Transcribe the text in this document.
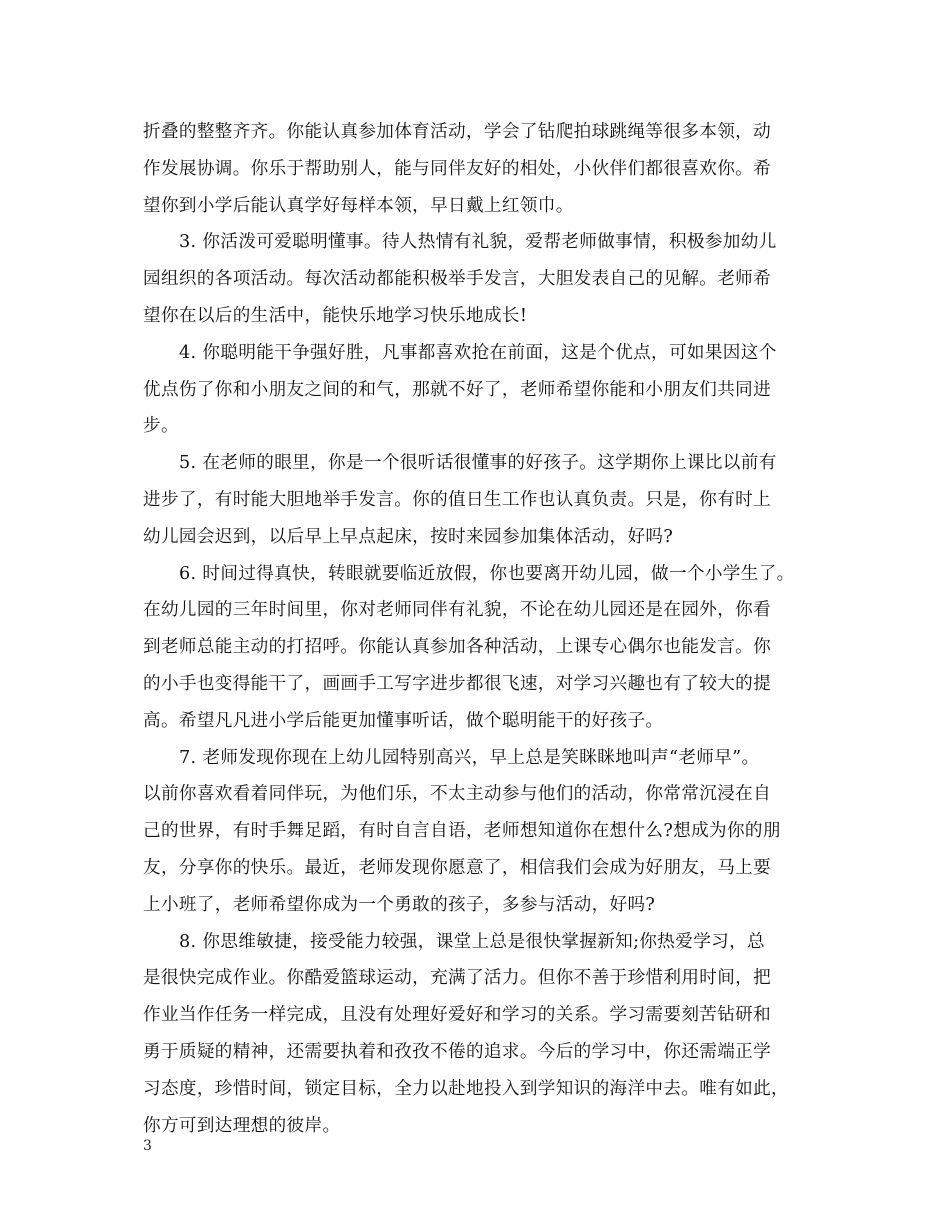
折叠的整整齐齐。你能认真参加体育活动，学会了钻爬拍球跳绳等很多本领，动
作发展协调。你乐于帮助别人，能与同伴友好的相处，小伙伴们都很喜欢你。希
望你到小学后能认真学好每样本领，早日戴上红领巾。
3. 你活泼可爱聪明懂事。待人热情有礼貌，爱帮老师做事情，积极参加幼儿
园组织的各项活动。每次活动都能积极举手发言，大胆发表自己的见解。老师希
望你在以后的生活中，能快乐地学习快乐地成长!
4. 你聪明能干争强好胜，凡事都喜欢抢在前面，这是个优点，可如果因这个
优点伤了你和小朋友之间的和气，那就不好了，老师希望你能和小朋友们共同进
步。
5. 在老师的眼里，你是一个很听话很懂事的好孩子。这学期你上课比以前有
进步了，有时能大胆地举手发言。你的值日生工作也认真负责。只是，你有时上
幼儿园会迟到，以后早上早点起床，按时来园参加集体活动，好吗?
6. 时间过得真快，转眼就要临近放假，你也要离开幼儿园，做一个小学生了。
在幼儿园的三年时间里，你对老师同伴有礼貌，不论在幼儿园还是在园外，你看
到老师总能主动的打招呼。你能认真参加各种活动，上课专心偶尔也能发言。你
的小手也变得能干了，画画手工写字进步都很飞速，对学习兴趣也有了较大的提
高。希望凡凡进小学后能更加懂事听话，做个聪明能干的好孩子。
7. 老师发现你现在上幼儿园特别高兴，早上总是笑眯眯地叫声“老师早”。
以前你喜欢看着同伴玩，为他们乐，不太主动参与他们的活动，你常常沉浸在自
己的世界，有时手舞足蹈，有时自言自语，老师想知道你在想什么?想成为你的朋
友，分享你的快乐。最近，老师发现你愿意了，相信我们会成为好朋友，马上要
上小班了，老师希望你成为一个勇敢的孩子，多参与活动，好吗?
8. 你思维敏捷，接受能力较强，课堂上总是很快掌握新知;你热爱学习，总
是很快完成作业。你酷爱篮球运动，充满了活力。但你不善于珍惜利用时间，把
作业当作任务一样完成，且没有处理好爱好和学习的关系。学习需要刻苦钻研和
勇于质疑的精神，还需要执着和孜孜不倦的追求。今后的学习中，你还需端正学
习态度，珍惜时间，锁定目标，全力以赴地投入到学知识的海洋中去。唯有如此，
你方可到达理想的彼岸。
3
